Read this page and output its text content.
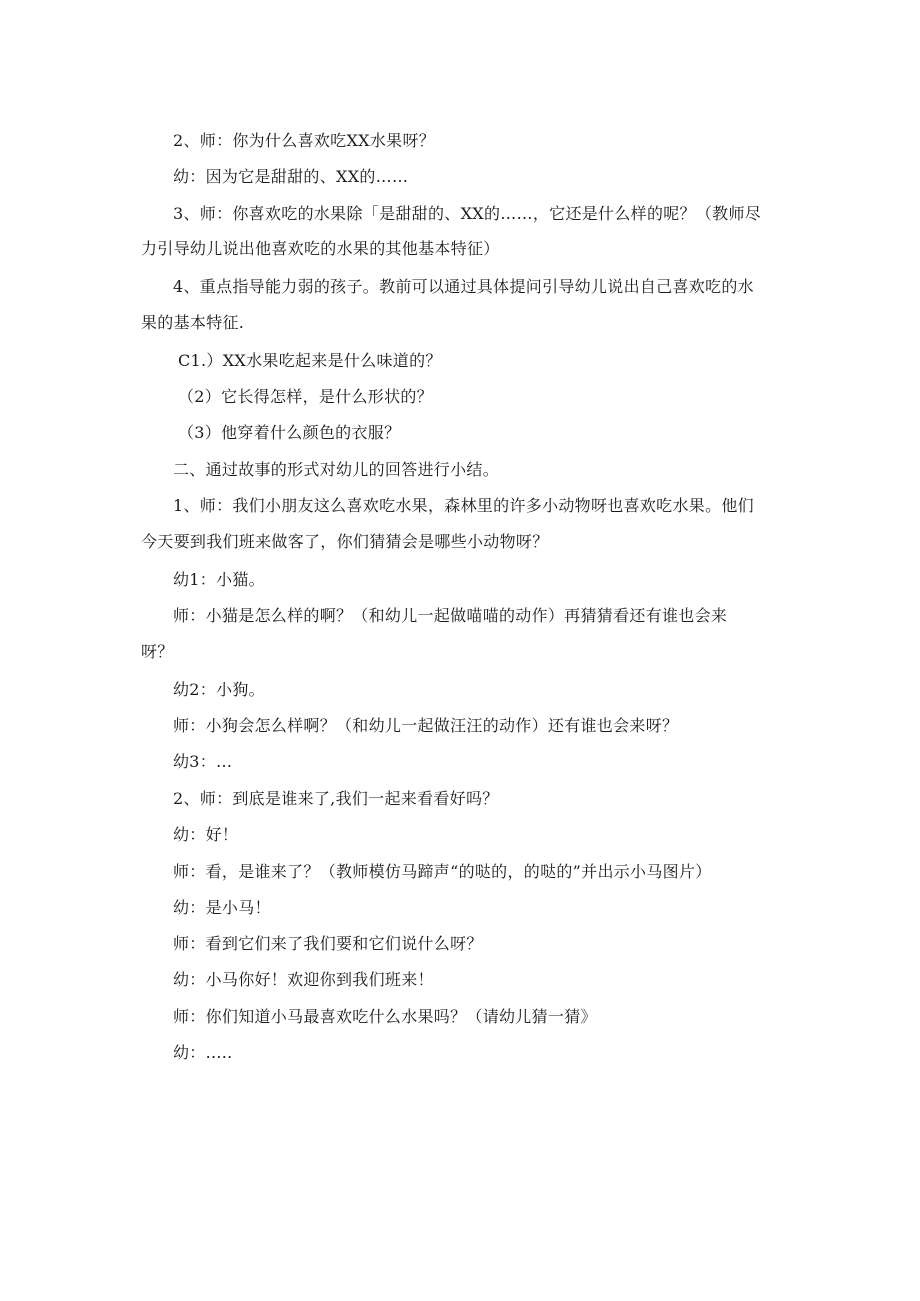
2、师：你为什么喜欢吃XX水果呀？
幼：因为它是甜甜的、XX的……
3、师：你喜欢吃的水果除「是甜甜的、XX的……，它还是什么样的呢？（教师尽
力引导幼儿说出他喜欢吃的水果的其他基本特征）
4、重点指导能力弱的孩子。教前可以通过具体提问引导幼儿说出自己喜欢吃的水
果的基本特征.
C1.）XX水果吃起来是什么味道的？
（2）它长得怎样，是什么形状的？
（3）他穿着什么颜色的衣服？
二、通过故事的形式对幼儿的回答进行小结。
1、师：我们小朋友这么喜欢吃水果，森林里的许多小动物呀也喜欢吃水果。他们
今天要到我们班来做客了，你们猜猜会是哪些小动物呀？
幼1：小猫。
师：小猫是怎么样的啊？（和幼儿一起做喵喵的动作）再猜猜看还有谁也会来
呀？
幼2：小狗。
师：小狗会怎么样啊？（和幼儿一起做汪汪的动作）还有谁也会来呀？
幼3：...
2、师：到底是谁来了,我们一起来看看好吗？
幼：好！
师：看，是谁来了？（教师模仿马蹄声“的哒的，的哒的”并出示小马图片）
幼：是小马！
师：看到它们来了我们要和它们说什么呀？
幼：小马你好！欢迎你到我们班来！
师：你们知道小马最喜欢吃什么水果吗？（请幼儿猜一猜》
幼：.....
